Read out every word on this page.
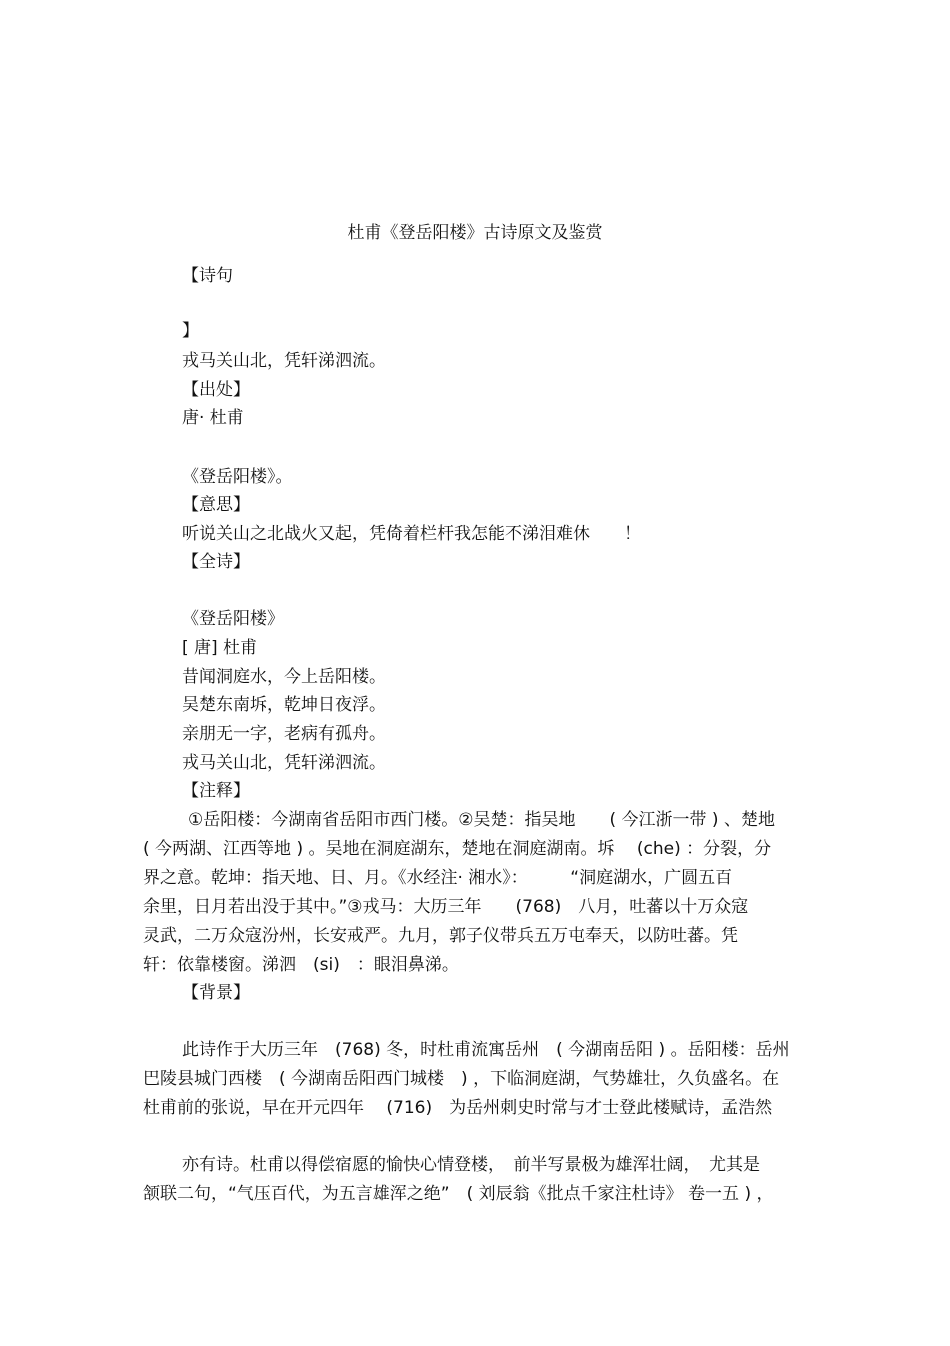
杜甫《登岳阳楼》古诗原文及鉴赏
【诗句
】
戎马关山北，凭轩涕泗流。
【出处】
唐· 杜甫
《登岳阳楼》。
【意思】
听说关山之北战火又起，凭倚着栏杆我怎能不涕泪难休　　！
【全诗】
《登岳阳楼》
[ 唐] 杜甫
昔闻洞庭水，今上岳阳楼。
吴楚东南坼，乾坤日夜浮。
亲朋无一字，老病有孤舟。
戎马关山北，凭轩涕泗流。
【注释】
①岳阳楼：今湖南省岳阳市西门楼。②吴楚：指吴地　　( 今江浙一带 ) 、楚地
( 今两湖、江西等地 ) 。吴地在洞庭湖东，楚地在洞庭湖南。坼　 (che) ：分裂，分
界之意。乾坤：指天地、日、月。《水经注· 湘水》：　　　“洞庭湖水，广圆五百
余里，日月若出没于其中。”③戎马：大历三年　　(768)　八月，吐蕃以十万众寇
灵武，二万众寇汾州，长安戒严。九月，郭子仪带兵五万屯奉天，以防吐蕃。凭
轩：依靠楼窗。涕泗　(si)　：眼泪鼻涕。
【背景】
此诗作于大历三年　(768) 冬，时杜甫流寓岳州　( 今湖南岳阳 ) 。岳阳楼：岳州
巴陵县城门西楼　( 今湖南岳阳西门城楼　) ，下临洞庭湖，气势雄壮，久负盛名。在
杜甫前的张说，早在开元四年　 (716)　为岳州刺史时常与才士登此楼赋诗，孟浩然
亦有诗。杜甫以得偿宿愿的愉快心情登楼，　前半写景极为雄浑壮阔，　尤其是
颔联二句，“气压百代，为五言雄浑之绝”　( 刘辰翁《批点千家注杜诗》 卷一五 ) ，
